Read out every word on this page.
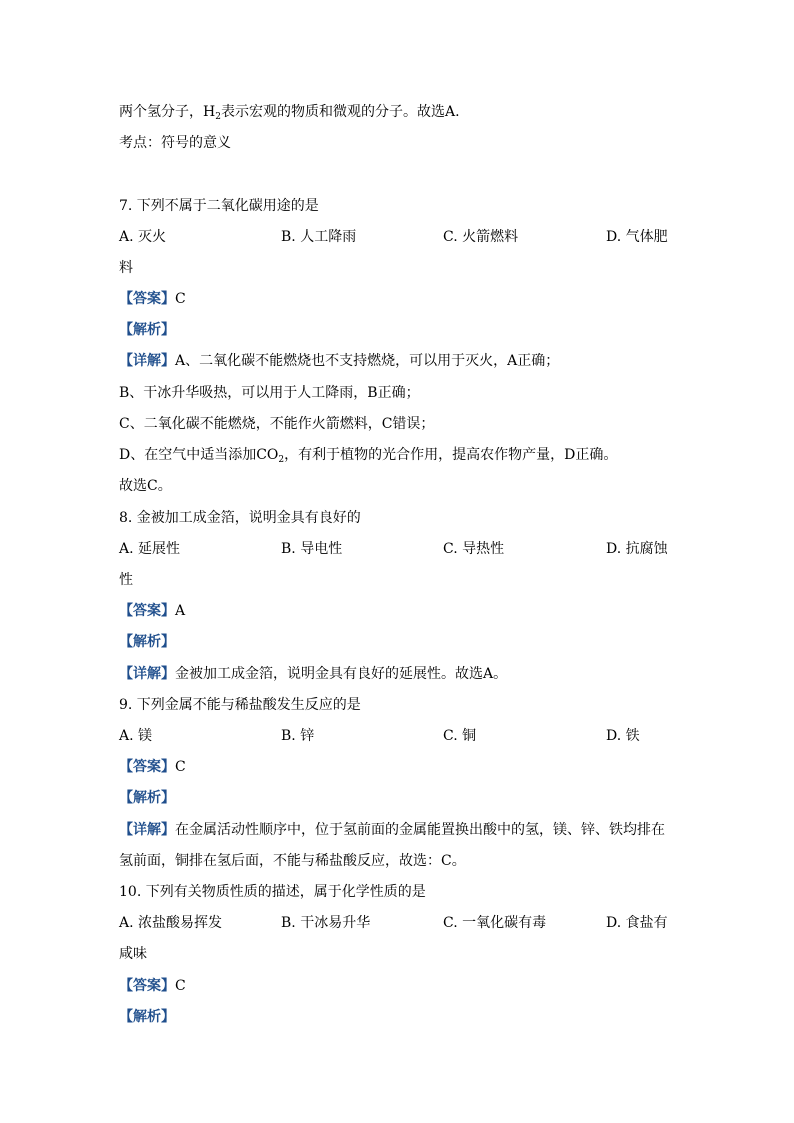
两个氢分子，$H_2$表示宏观的物质和微观的分子。故选A.
考点：符号的意义
7. 下列不属于二氧化碳用途的是
A. 灭火	B. 人工降雨	C. 火箭燃料	D. 气体肥
料
【答案】C
【解析】
【详解】A、二氧化碳不能燃烧也不支持燃烧，可以用于灭火，A正确；
B、干冰升华吸热，可以用于人工降雨，B正确；
C、二氧化碳不能燃烧，不能作火箭燃料，C错误；
D、在空气中适当添加$CO_2$，有利于植物的光合作用，提高农作物产量，D正确。
故选C。
8. 金被加工成金箔，说明金具有良好的
A. 延展性	B. 导电性	C. 导热性	D. 抗腐蚀
性
【答案】A
【解析】
【详解】金被加工成金箔，说明金具有良好的延展性。故选A。
9. 下列金属不能与稀盐酸发生反应的是
A. 镁	B. 锌	C. 铜	D. 铁
【答案】C
【解析】
【详解】在金属活动性顺序中，位于氢前面的金属能置换出酸中的氢，镁、锌、铁均排在
氢前面，铜排在氢后面，不能与稀盐酸反应，故选：C。
10. 下列有关物质性质的描述，属于化学性质的是
A. 浓盐酸易挥发	B. 干冰易升华	C. 一氧化碳有毒	D. 食盐有
咸味
【答案】C
【解析】
